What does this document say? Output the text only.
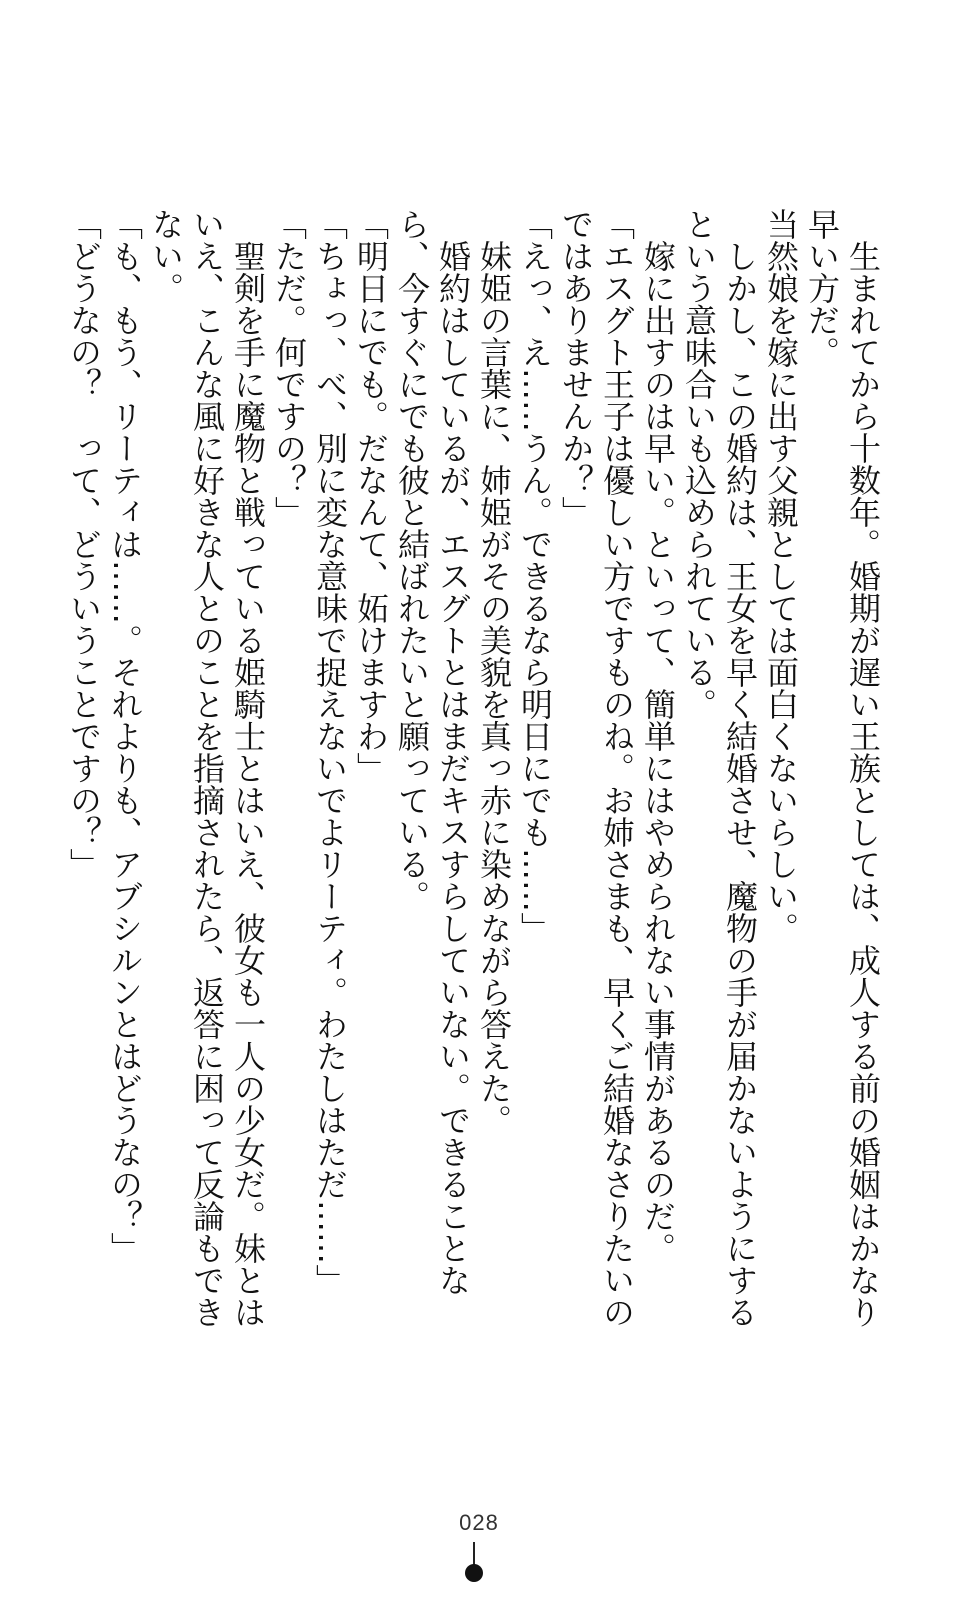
　生まれてから十数年。婚期が遅い王族としては、成人する前の婚姻はかなり早い方だ。

当然娘を嫁に出す父親としては面白くないらしい。

　しかし、この婚約は、王女を早く結婚させ、魔物の手が届かないようにするという意味合いも込められている。

　嫁に出すのは早い。といって、簡単にはやめられない事情があるのだ。

「エスグト王子は優しい方ですものね。お姉さまも、早くご結婚なさりたいのではありませんか？」

「えっ、え……うん。できるなら明日にでも……」

　妹姫の言葉に、姉姫がその美貌を真っ赤に染めながら答えた。

　婚約はしているが、エスグトとはまだキスすらしていない。できることなら、今すぐにでも彼と結ばれたいと願っている。

「明日にでも。だなんて、妬けますわ」

「ちょっ、べ、別に変な意味で捉えないでよリーティ。わたしはただ……」

「ただ。何ですの？」

　聖剣を手に魔物と戦っている姫騎士とはいえ、彼女も一人の少女だ。妹とはいえ、こんな風に好きな人とのことを指摘されたら、返答に困って反論もできない。

「も、もう、リーティは……。それよりも、アブシルンとはどうなの？」

「どうなの？　って、どういうことですの？」

028
